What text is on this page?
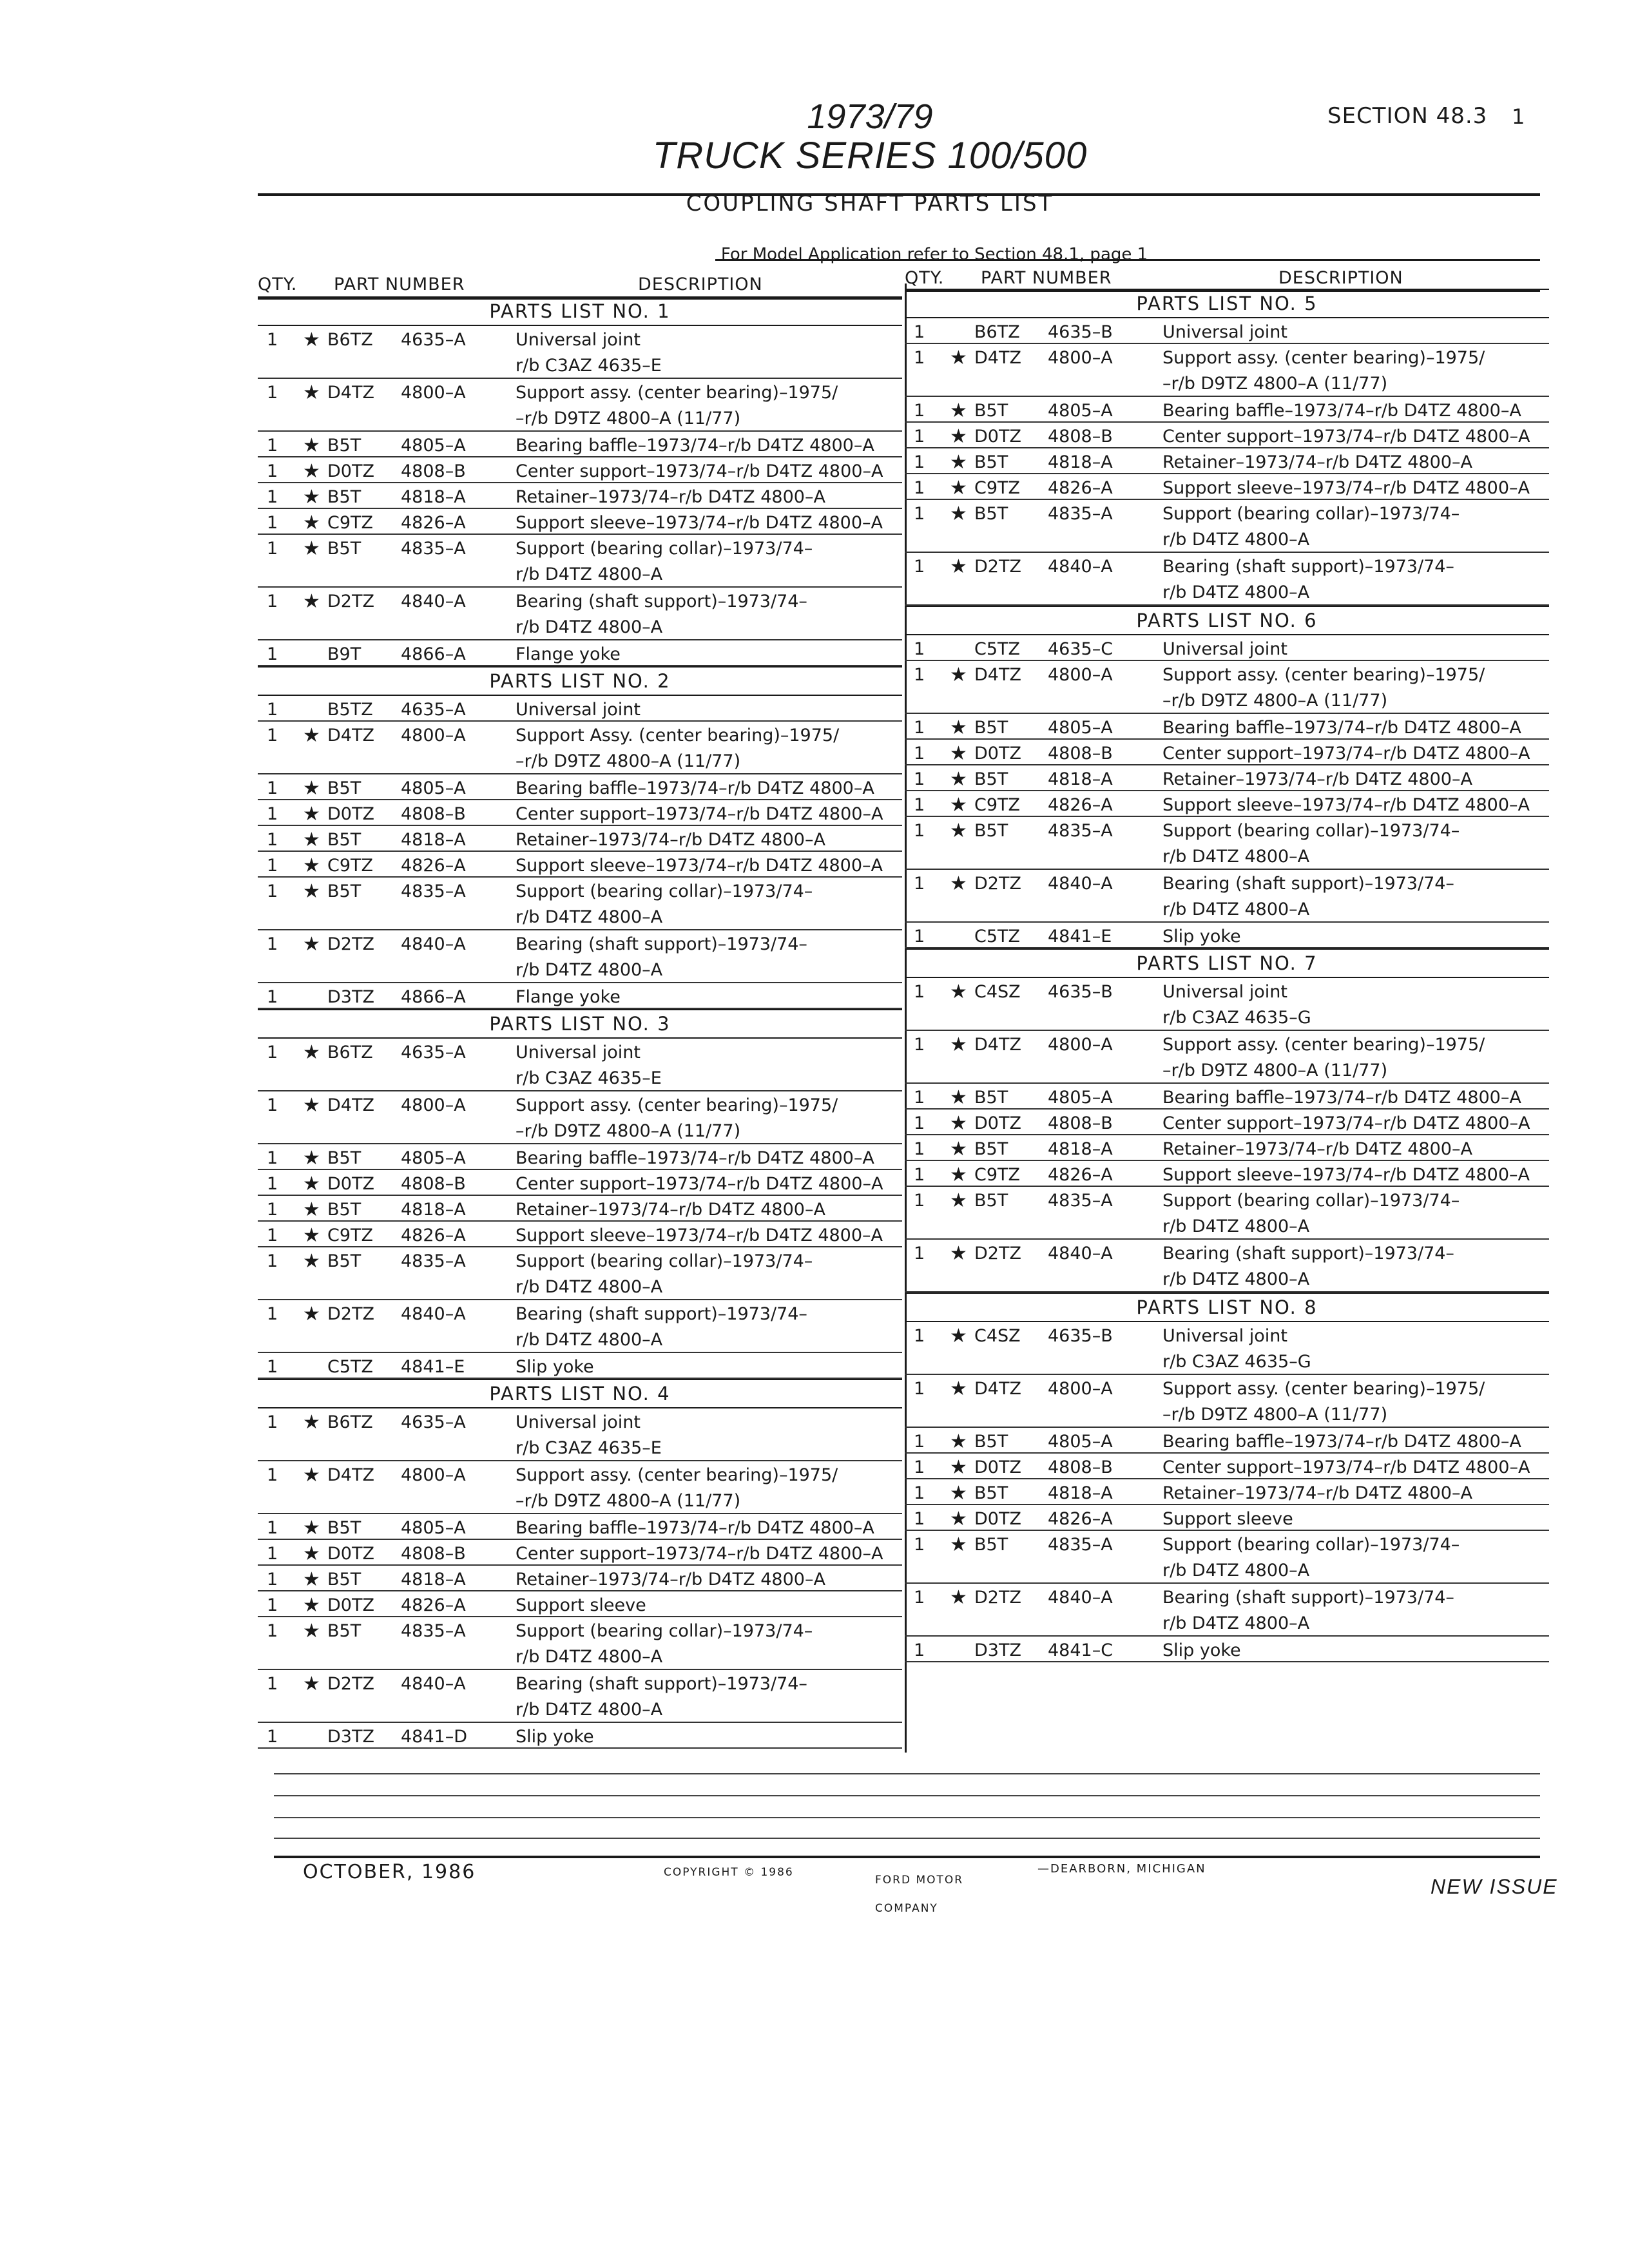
1973/79
TRUCK SERIES 100/500
SECTION 48.3 1
COUPLING SHAFT PARTS LIST
For Model Application refer to Section 48.1, page 1
QTY. PART NUMBER	DESCRIPTION	QTY. PART NUMBER	DESCRIPTION
PARTS LIST NO. 1
1	★ B6TZ 4635–A	Universal joint
r/b C3AZ 4635–E
1	★ D4TZ 4800–A	Support assy. (center bearing)–1975/
–r/b D9TZ 4800–A (11/77)
1	★ B5T 4805–A	Bearing baffle–1973/74–r/b D4TZ 4800–A
1	★ D0TZ 4808–B	Center support–1973/74–r/b D4TZ 4800–A
1	★ B5T 4818–A	Retainer–1973/74–r/b D4TZ 4800–A
1	★ C9TZ 4826–A	Support sleeve–1973/74–r/b D4TZ 4800–A
1	★ B5T 4835–A	Support (bearing collar)–1973/74–
r/b D4TZ 4800–A
1	★ D2TZ 4840–A	Bearing (shaft support)–1973/74–
r/b D4TZ 4800–A
1	B9T 4866–A	Flange yoke
PARTS LIST NO. 2
1	B5TZ 4635–A	Universal joint
1	★ D4TZ 4800–A	Support Assy. (center bearing)–1975/
–r/b D9TZ 4800–A (11/77)
1	★ B5T 4805–A	Bearing baffle–1973/74–r/b D4TZ 4800–A
1	★ D0TZ 4808–B	Center support–1973/74–r/b D4TZ 4800–A
1	★ B5T 4818–A	Retainer–1973/74–r/b D4TZ 4800–A
1	★ C9TZ 4826–A	Support sleeve–1973/74–r/b D4TZ 4800–A
1	★ B5T 4835–A	Support (bearing collar)–1973/74–
r/b D4TZ 4800–A
1	★ D2TZ 4840–A	Bearing (shaft support)–1973/74–
r/b D4TZ 4800–A
1	D3TZ 4866–A	Flange yoke
PARTS LIST NO. 3
1	★ B6TZ 4635–A	Universal joint
r/b C3AZ 4635–E
1	★ D4TZ 4800–A	Support assy. (center bearing)–1975/
–r/b D9TZ 4800–A (11/77)
1	★ B5T 4805–A	Bearing baffle–1973/74–r/b D4TZ 4800–A
1	★ D0TZ 4808–B	Center support–1973/74–r/b D4TZ 4800–A
1	★ B5T 4818–A	Retainer–1973/74–r/b D4TZ 4800–A
1	★ C9TZ 4826–A	Support sleeve–1973/74–r/b D4TZ 4800–A
1	★ B5T 4835–A	Support (bearing collar)–1973/74–
r/b D4TZ 4800–A
1	★ D2TZ 4840–A	Bearing (shaft support)–1973/74–
r/b D4TZ 4800–A
1	C5TZ 4841–E	Slip yoke
PARTS LIST NO. 4
1	★ B6TZ 4635–A	Universal joint
r/b C3AZ 4635–E
1	★ D4TZ 4800–A	Support assy. (center bearing)–1975/
–r/b D9TZ 4800–A (11/77)
1	★ B5T 4805–A	Bearing baffle–1973/74–r/b D4TZ 4800–A
1	★ D0TZ 4808–B	Center support–1973/74–r/b D4TZ 4800–A
1	★ B5T 4818–A	Retainer–1973/74–r/b D4TZ 4800–A
1	★ D0TZ 4826–A	Support sleeve
1	★ B5T 4835–A	Support (bearing collar)–1973/74–
r/b D4TZ 4800–A
1	★ D2TZ 4840–A	Bearing (shaft support)–1973/74–
r/b D4TZ 4800–A
1	D3TZ 4841–D	Slip yoke
PARTS LIST NO. 5
1	B6TZ 4635–B	Universal joint
1	★ D4TZ 4800–A	Support assy. (center bearing)–1975/
–r/b D9TZ 4800–A (11/77)
1	★ B5T 4805–A	Bearing baffle–1973/74–r/b D4TZ 4800–A
1	★ D0TZ 4808–B	Center support–1973/74–r/b D4TZ 4800–A
1	★ B5T 4818–A	Retainer–1973/74–r/b D4TZ 4800–A
1	★ C9TZ 4826–A	Support sleeve–1973/74–r/b D4TZ 4800–A
1	★ B5T 4835–A	Support (bearing collar)–1973/74–
r/b D4TZ 4800–A
1	★ D2TZ 4840–A	Bearing (shaft support)–1973/74–
r/b D4TZ 4800–A
PARTS LIST NO. 6
1	C5TZ 4635–C	Universal joint
1	★ D4TZ 4800–A	Support assy. (center bearing)–1975/
–r/b D9TZ 4800–A (11/77)
1	★ B5T 4805–A	Bearing baffle–1973/74–r/b D4TZ 4800–A
1	★ D0TZ 4808–B	Center support–1973/74–r/b D4TZ 4800–A
1	★ B5T 4818–A	Retainer–1973/74–r/b D4TZ 4800–A
1	★ C9TZ 4826–A	Support sleeve–1973/74–r/b D4TZ 4800–A
1	★ B5T 4835–A	Support (bearing collar)–1973/74–
r/b D4TZ 4800–A
1	★ D2TZ 4840–A	Bearing (shaft support)–1973/74–
r/b D4TZ 4800–A
1	C5TZ 4841–E	Slip yoke
PARTS LIST NO. 7
1	★ C4SZ 4635–B	Universal joint
r/b C3AZ 4635–G
1	★ D4TZ 4800–A	Support assy. (center bearing)–1975/
–r/b D9TZ 4800–A (11/77)
1	★ B5T 4805–A	Bearing baffle–1973/74–r/b D4TZ 4800–A
1	★ D0TZ 4808–B	Center support–1973/74–r/b D4TZ 4800–A
1	★ B5T 4818–A	Retainer–1973/74–r/b D4TZ 4800–A
1	★ C9TZ 4826–A	Support sleeve–1973/74–r/b D4TZ 4800–A
1	★ B5T 4835–A	Support (bearing collar)–1973/74–
r/b D4TZ 4800–A
1	★ D2TZ 4840–A	Bearing (shaft support)–1973/74–
r/b D4TZ 4800–A
PARTS LIST NO. 8
1	★ C4SZ 4635–B	Universal joint
r/b C3AZ 4635–G
1	★ D4TZ 4800–A	Support assy. (center bearing)–1975/
–r/b D9TZ 4800–A (11/77)
1	★ B5T 4805–A	Bearing baffle–1973/74–r/b D4TZ 4800–A
1	★ D0TZ 4808–B	Center support–1973/74–r/b D4TZ 4800–A
1	★ B5T 4818–A	Retainer–1973/74–r/b D4TZ 4800–A
1	★ D0TZ 4826–A	Support sleeve
1	★ B5T 4835–A	Support (bearing collar)–1973/74–
r/b D4TZ 4800–A
1	★ D2TZ 4840–A	Bearing (shaft support)–1973/74–
r/b D4TZ 4800–A
1	D3TZ 4841–C	Slip yoke
OCTOBER, 1986	COPYRIGHT © 1986
FORD MOTOR
COMPANY
—DEARBORN, MICHIGAN
NEW ISSUE
